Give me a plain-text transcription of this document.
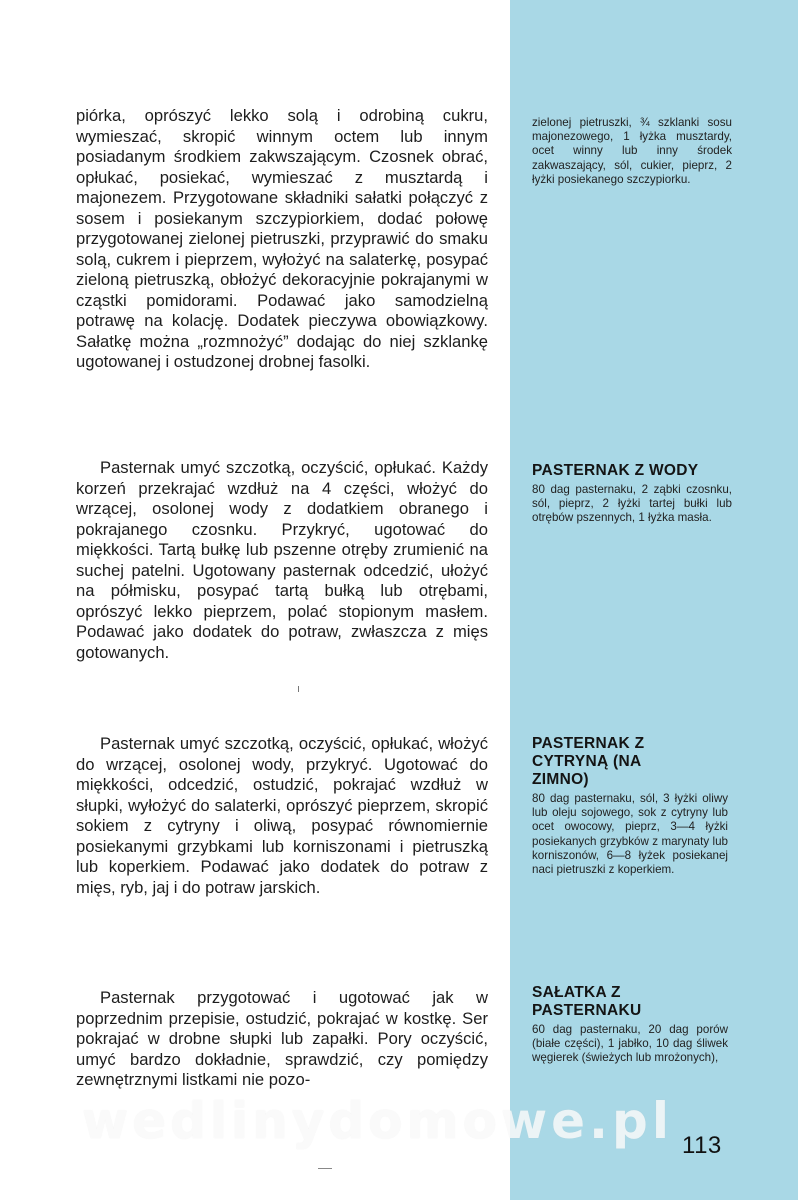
piórka, oprószyć lekko solą i odrobiną cukru, wymieszać, skropić winnym octem lub innym posiadanym środkiem zakwszającym. Czosnek obrać, opłukać, posiekać, wymieszać z musztardą i majonezem. Przygotowane składniki sałatki połączyć z sosem i posiekanym szczypiorkiem, dodać połowę przygotowanej zielonej pietruszki, przyprawić do smaku solą, cukrem i pieprzem, wyłożyć na salaterkę, posypać zieloną pietruszką, obłożyć dekoracyjnie pokrajanymi w cząstki pomidorami. Podawać jako samodzielną potrawę na kolację. Dodatek pieczywa obowiązkowy. Sałatkę można „rozmnożyć” dodając do niej szklankę ugotowanej i ostudzonej drobnej fasolki.

zielonej pietruszki, ¾ szklanki sosu majonezowego, 1 łyżka musztardy, ocet winny lub inny środek zakwaszający, sól, cukier, pieprz, 2 łyżki posiekanego szczypiorku.

Pasternak umyć szczotką, oczyścić, opłukać. Każdy korzeń przekrajać wzdłuż na 4 części, włożyć do wrzącej, osolonej wody z dodatkiem obranego i pokrajanego czosnku. Przykryć, ugotować do miękkości. Tartą bułkę lub pszenne otręby zrumienić na suchej patelni. Ugotowany pasternak odcedzić, ułożyć na półmisku, posypać tartą bułką lub otrębami, oprószyć lekko pieprzem, polać stopionym masłem. Podawać jako dodatek do potraw, zwłaszcza z mięs gotowanych.

PASTERNAK Z WODY

80 dag pasternaku, 2 ząbki czosnku, sól, pieprz, 2 łyżki tartej bułki lub otrębów pszennych, 1 łyżka masła.

Pasternak umyć szczotką, oczyścić, opłukać, włożyć do wrzącej, osolonej wody, przykryć. Ugotować do miękkości, odcedzić, ostudzić, pokrajać wzdłuż w słupki, wyłożyć do salaterki, oprószyć pieprzem, skropić sokiem z cytryny i oliwą, posypać równomiernie posiekanymi grzybkami lub korniszonami i pietruszką lub koperkiem. Podawać jako dodatek do potraw z mięs, ryb, jaj i do potraw jarskich.

PASTERNAK Z CYTRYNĄ (NA ZIMNO)

80 dag pasternaku, sól, 3 łyżki oliwy lub oleju sojowego, sok z cytryny lub ocet owocowy, pieprz, 3—4 łyżki posiekanych grzybków z marynaty lub korniszonów, 6—8 łyżek posiekanej naci pietruszki z koperkiem.

Pasternak przygotować i ugotować jak w poprzednim przepisie, ostudzić, pokrajać w kostkę. Ser pokrajać w drobne słupki lub zapałki. Pory oczyścić, umyć bardzo dokładnie, sprawdzić, czy pomiędzy zewnętrznymi listkami nie pozo-

SAŁATKA Z PASTERNAKU

60 dag pasternaku, 20 dag porów (białe części), 1 jabłko, 10 dag śliwek węgierek (świeżych lub mrożonych),

wedlinydomowe.pl 113
